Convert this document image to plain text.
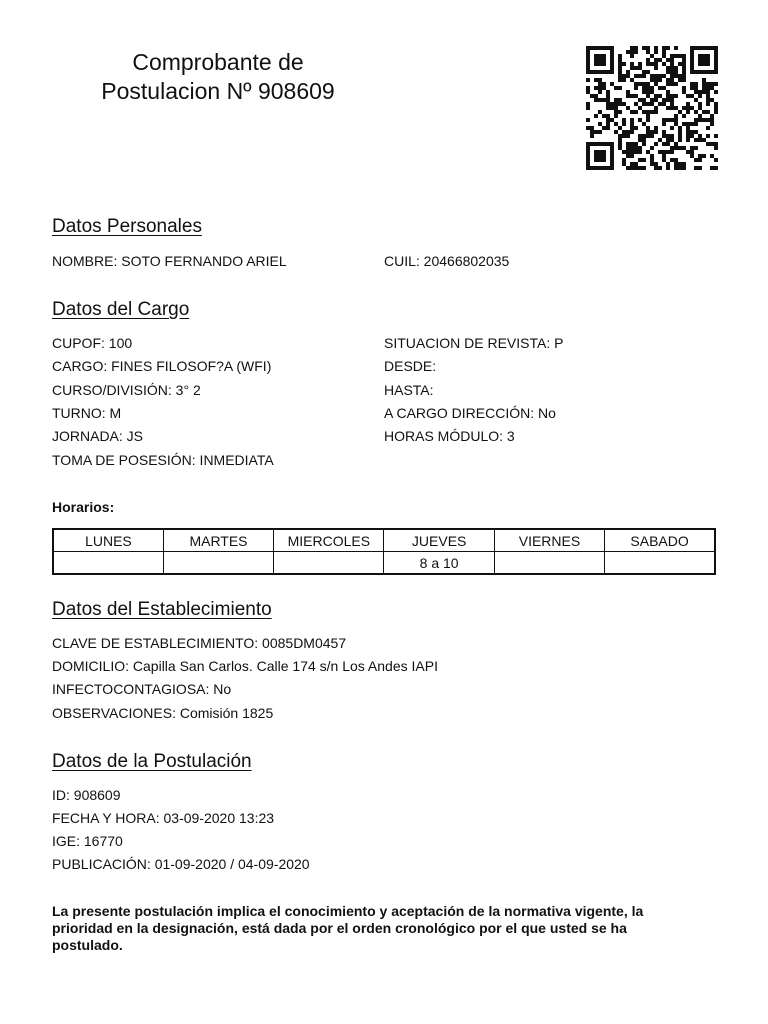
Comprobante de
Postulacion Nº 908609
Datos Personales
NOMBRE: SOTO FERNANDO ARIEL	CUIL: 20466802035
Datos del Cargo
CUPOF: 100
CARGO: FINES FILOSOF?A (WFI)
CURSO/DIVISIÓN: 3° 2
TURNO: M
JORNADA: JS
TOMA DE POSESIÓN: INMEDIATA
SITUACION DE REVISTA: P
DESDE:
HASTA:
A CARGO DIRECCIÓN: No
HORAS MÓDULO: 3
Horarios:
LUNES	MARTES	MIERCOLES	JUEVES	VIERNES	SABADO
			8 a 10		
Datos del Establecimiento
CLAVE DE ESTABLECIMIENTO: 0085DM0457
DOMICILIO: Capilla San Carlos. Calle 174 s/n Los Andes IAPI
INFECTOCONTAGIOSA: No
OBSERVACIONES: Comisión 1825
Datos de la Postulación
ID: 908609
FECHA Y HORA: 03-09-2020 13:23
IGE: 16770
PUBLICACIÓN: 01-09-2020 / 04-09-2020
La presente postulación implica el conocimiento y aceptación de la normativa vigente, la prioridad en la designación, está dada por el orden cronológico por el que usted se ha postulado.
